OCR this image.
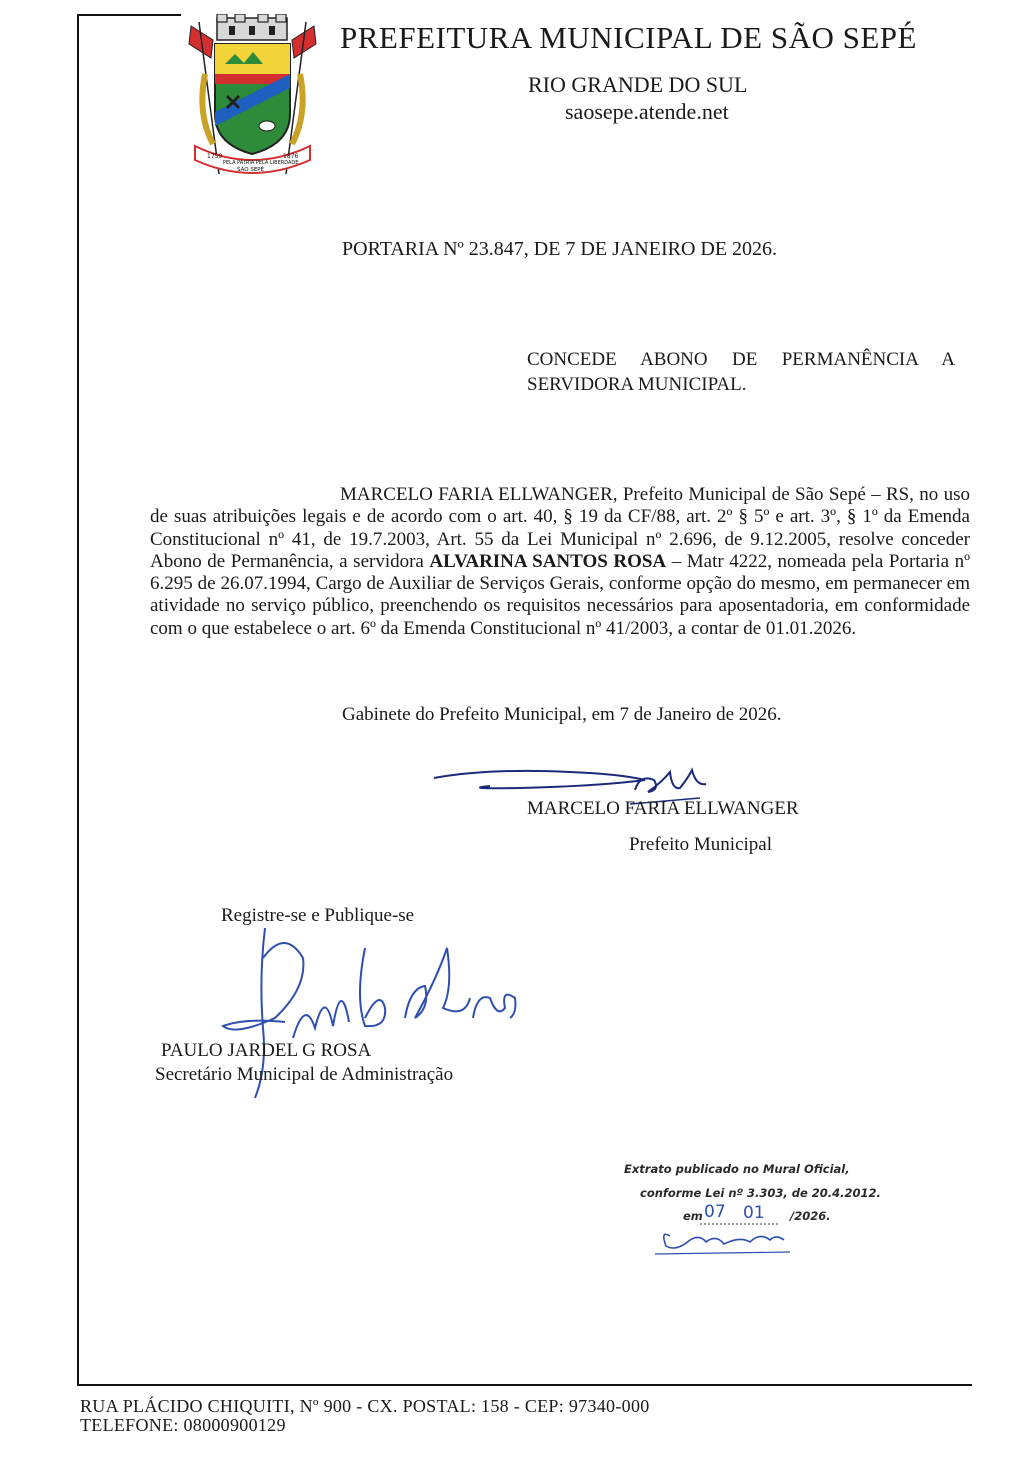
1750	1876
PELA PÁTRIA PELA LIBERDADE
SÃO SEPÉ
PREFEITURA MUNICIPAL DE SÃO SEPÉ
RIO GRANDE DO SUL
saosepe.atende.net
PORTARIA Nº 23.847, DE 7 DE JANEIRO DE 2026.
CONCEDE ABONO DE PERMANÊNCIA A SERVIDORA MUNICIPAL.
MARCELO FARIA ELLWANGER, Prefeito Municipal de São Sepé – RS, no uso de suas atribuições legais e de acordo com o art. 40, § 19 da CF/88, art. 2º § 5º e art. 3º, § 1º da Emenda Constitucional nº 41, de 19.7.2003, Art. 55 da Lei Municipal nº 2.696, de 9.12.2005, resolve conceder Abono de Permanência, a servidora ALVARINA SANTOS ROSA – Matr 4222, nomeada pela Portaria nº 6.295 de 26.07.1994, Cargo de Auxiliar de Serviços Gerais, conforme opção do mesmo, em permanecer em atividade no serviço público, preenchendo os requisitos necessários para aposentadoria, em conformidade com o que estabelece o art. 6º da Emenda Constitucional nº 41/2003, a contar de 01.01.2026.
Gabinete do Prefeito Municipal, em 7 de Janeiro de 2026.
MARCELO FARIA ELLWANGER
Prefeito Municipal
Registre-se e Publique-se
PAULO JARDEL G ROSA
Secretário Municipal de Administração
Extrato publicado no Mural Oficial,
conforme Lei nº 3.303, de 20.4.2012.
em 07 01 /2026.
RUA PLÁCIDO CHIQUITI, Nº 900 - CX. POSTAL: 158 - CEP: 97340-000
TELEFONE: 08000900129
